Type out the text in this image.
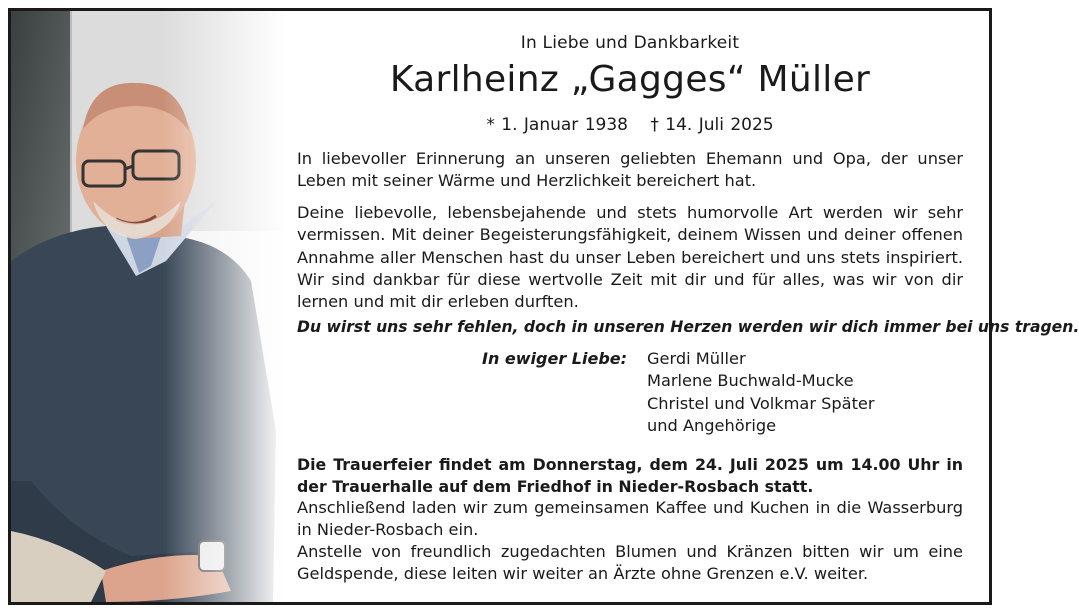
In Liebe und Dankbarkeit
Karlheinz „Gagges“ Müller
* 1. Januar 1938 † 14. Juli 2025

In liebevoller Erinnerung an unseren geliebten Ehemann und Opa, der unser Leben mit seiner Wärme und Herzlichkeit bereichert hat.

Deine liebevolle, lebensbejahende und stets humorvolle Art werden wir sehr vermissen. Mit deiner Begeisterungsfähigkeit, deinem Wissen und deiner offenen Annahme aller Menschen hast du unser Leben bereichert und uns stets inspiriert. Wir sind dankbar für diese wertvolle Zeit mit dir und für alles, was wir von dir lernen und mit dir erleben durften.

Du wirst uns sehr fehlen, doch in unseren Herzen werden wir dich immer bei uns tragen.
In ewiger Liebe: Gerdi Müller
Marlene Buchwald-Mucke
Christel und Volkmar Später
und Angehörige

Die Trauerfeier findet am Donnerstag, dem 24. Juli 2025 um 14.00 Uhr in der Trauerhalle auf dem Friedhof in Nieder-Rosbach statt.

Anschließend laden wir zum gemeinsamen Kaffee und Kuchen in die Wasserburg in Nieder-Rosbach ein.

Anstelle von freundlich zugedachten Blumen und Kränzen bitten wir um eine Geldspende, diese leiten wir weiter an Ärzte ohne Grenzen e.V. weiter.
